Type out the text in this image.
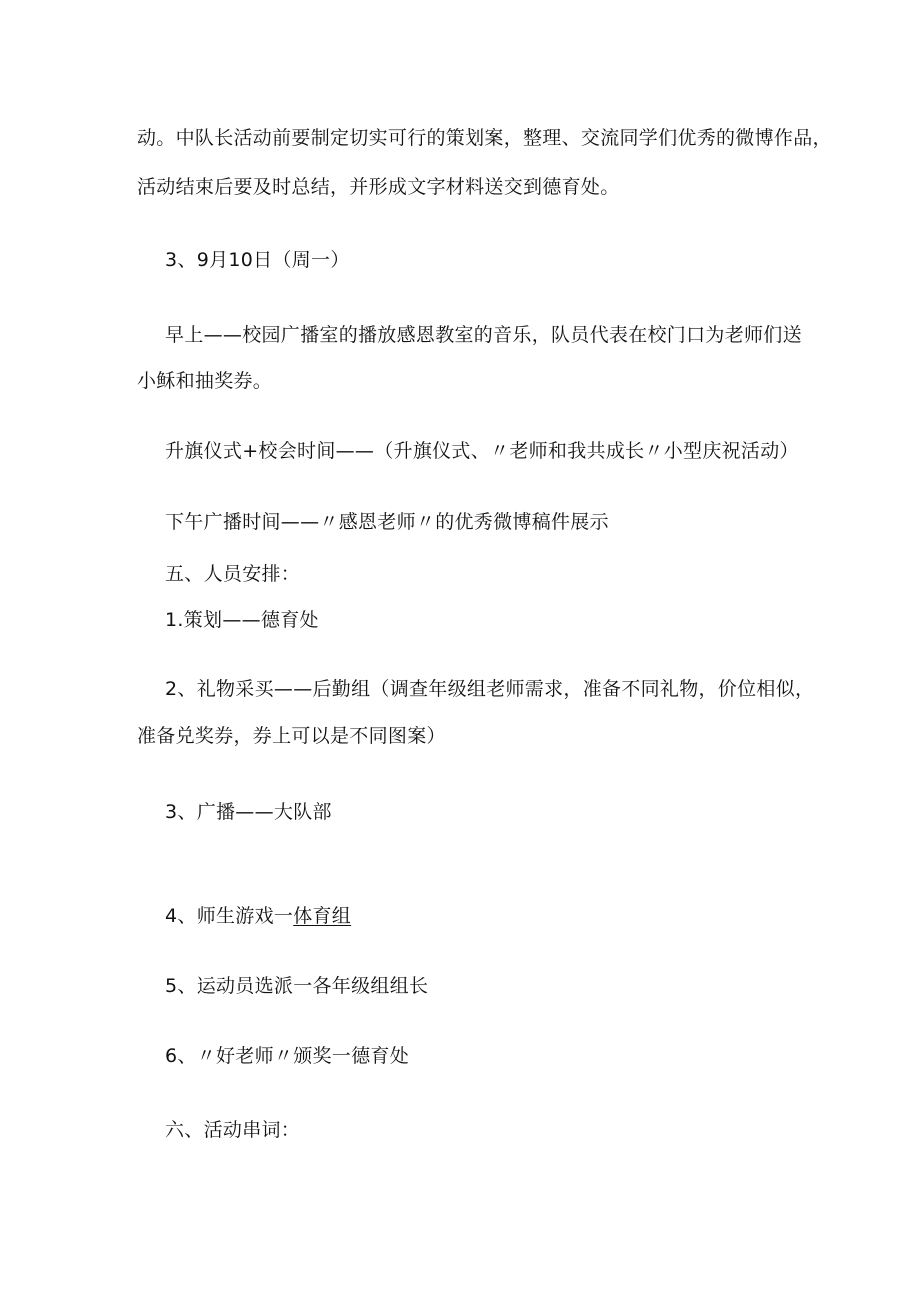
动。中队长活动前要制定切实可行的策划案，整理、交流同学们优秀的微博作品，
活动结束后要及时总结，并形成文字材料送交到德育处。
3、9月10日（周一）
早上——校园广播室的播放感恩教室的音乐，队员代表在校门口为老师们送
小稣和抽奖券。
升旗仪式+校会时间——（升旗仪式、〃老师和我共成长〃小型庆祝活动）
下午广播时间——〃感恩老师〃的优秀微博稿件展示
五、人员安排：
1.策划——德育处
2、礼物采买——后勤组（调查年级组老师需求，准备不同礼物，价位相似，
准备兑奖券，券上可以是不同图案）
3、广播——大队部
4、师生游戏一体育组
5、运动员选派一各年级组组长
6、〃好老师〃颁奖一德育处
六、活动串词：
